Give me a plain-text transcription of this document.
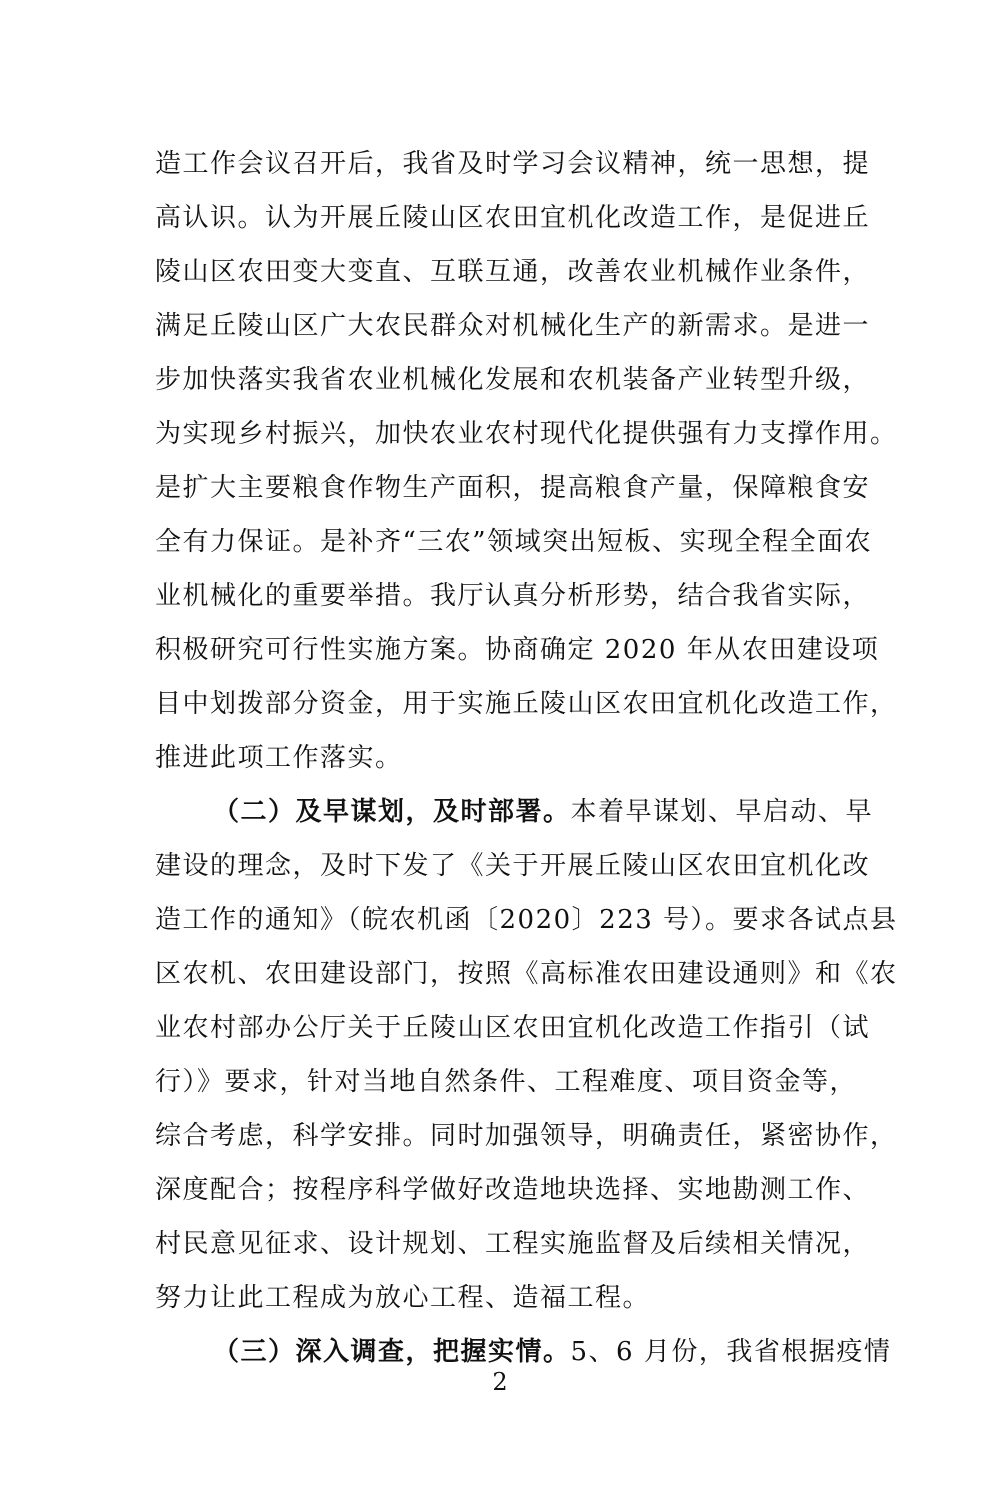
造工作会议召开后，我省及时学习会议精神，统一思想，提
高认识。认为开展丘陵山区农田宜机化改造工作，是促进丘
陵山区农田变大变直、互联互通，改善农业机械作业条件，
满足丘陵山区广大农民群众对机械化生产的新需求。是进一
步加快落实我省农业机械化发展和农机装备产业转型升级，
为实现乡村振兴，加快农业农村现代化提供强有力支撑作用。
是扩大主要粮食作物生产面积，提高粮食产量，保障粮食安
全有力保证。是补齐“三农”领域突出短板、实现全程全面农
业机械化的重要举措。我厅认真分析形势，结合我省实际，
积极研究可行性实施方案。协商确定 2020 年从农田建设项
目中划拨部分资金，用于实施丘陵山区农田宜机化改造工作，
推进此项工作落实。
（二）及早谋划，及时部署。本着早谋划、早启动、早
建设的理念，及时下发了《关于开展丘陵山区农田宜机化改
造工作的通知》（皖农机函〔2020〕223 号）。要求各试点县
区农机、农田建设部门，按照《高标准农田建设通则》和《农
业农村部办公厅关于丘陵山区农田宜机化改造工作指引（试
行）》要求，针对当地自然条件、工程难度、项目资金等，
综合考虑，科学安排。同时加强领导，明确责任，紧密协作，
深度配合；按程序科学做好改造地块选择、实地勘测工作、
村民意见征求、设计规划、工程实施监督及后续相关情况，
努力让此工程成为放心工程、造福工程。
（三）深入调查，把握实情。5、6 月份，我省根据疫情
2
